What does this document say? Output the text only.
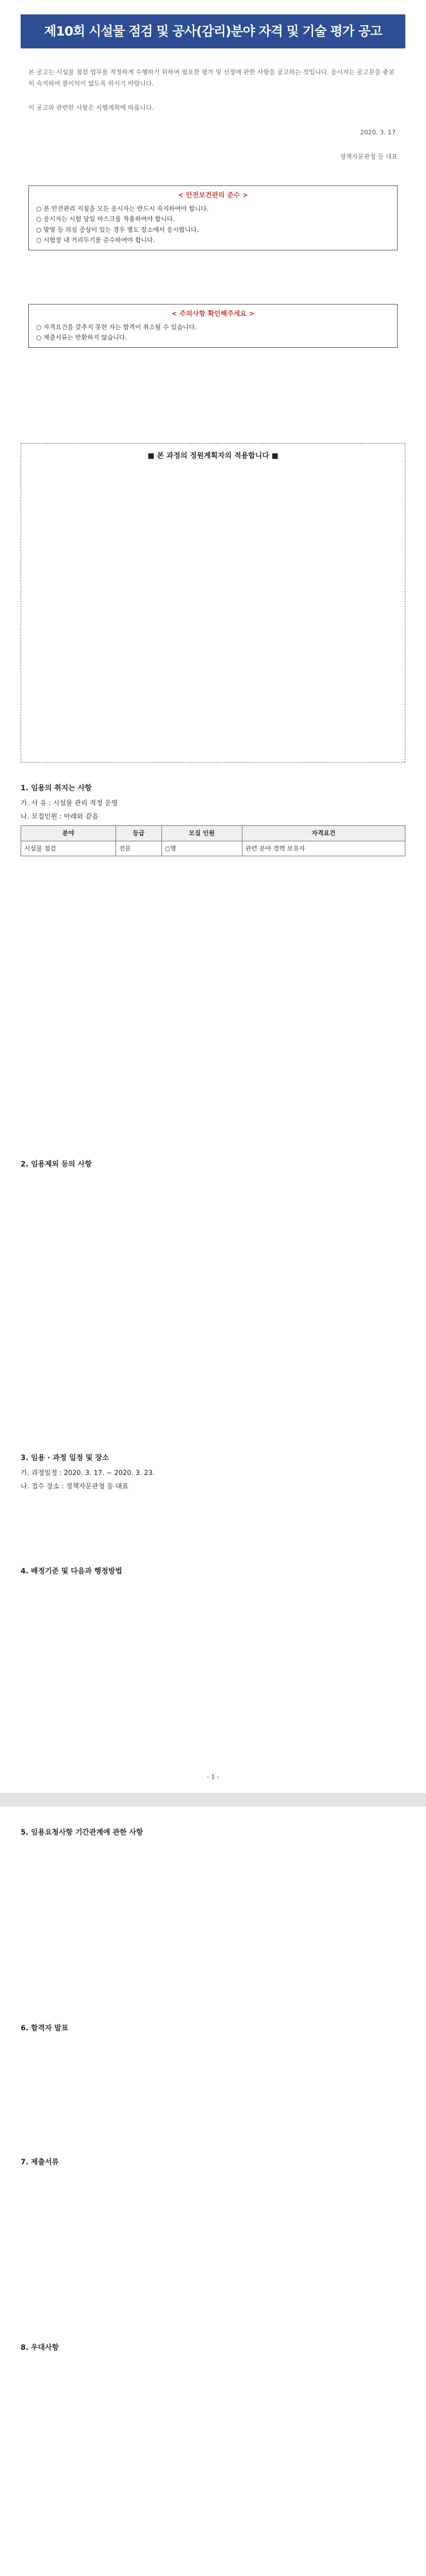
제10회 시설물 점검 및 공사(감리)분야 자격 및 기술 평가 공고

본 공고는 시설물 점검 업무를 적정하게 수행하기 위하여 필요한 평가 및 선정에 관한 사항을 공고하는 것입니다. 응시자는 공고문을 충분히 숙지하여 불이익이 없도록 하시기 바랍니다.

이 공고와 관련한 사항은 시행계획에 따릅니다.

2020. 3. 17.

정책자문관청 등 대표

< 안전보건관리 준수 >
○ 본 안전관리 지침을 모든 응시자는 반드시 숙지하여야 합니다.
○ 응시자는 시험 당일 마스크를 착용하여야 합니다.
○ 발열 등 의심 증상이 있는 경우 별도 장소에서 응시합니다.
○ 시험장 내 거리두기를 준수하여야 합니다.
< 주의사항 확인해주세요 >
○ 자격요건을 갖추지 못한 자는 합격이 취소될 수 있습니다.
○ 제출서류는 반환하지 않습니다.
■ 본 과정의 정원계획자의 적용합니다 ■
1. 임용의 취지는 사항

가. 사 유 : 시설물 관리 적정 운영

나. 모집인원 : 아래와 같음

분야	등급	모집 인원	자격요건
시설물 점검	전문	○명	관련 분야 경력 보유자
2. 임용제외 등의 사항
3. 임용 · 과정 일정 및 장소

가. 과정일정 : 2020. 3. 17. ~ 2020. 3. 23.

나. 접수 장소 : 정책자문관청 등 대표

4. 배정기준 및 다음과 행정방법
- 1 -
5. 임용요청사항 기간관계에 관한 사항
6. 합격자 발표
7. 제출서류
8. 우대사항
